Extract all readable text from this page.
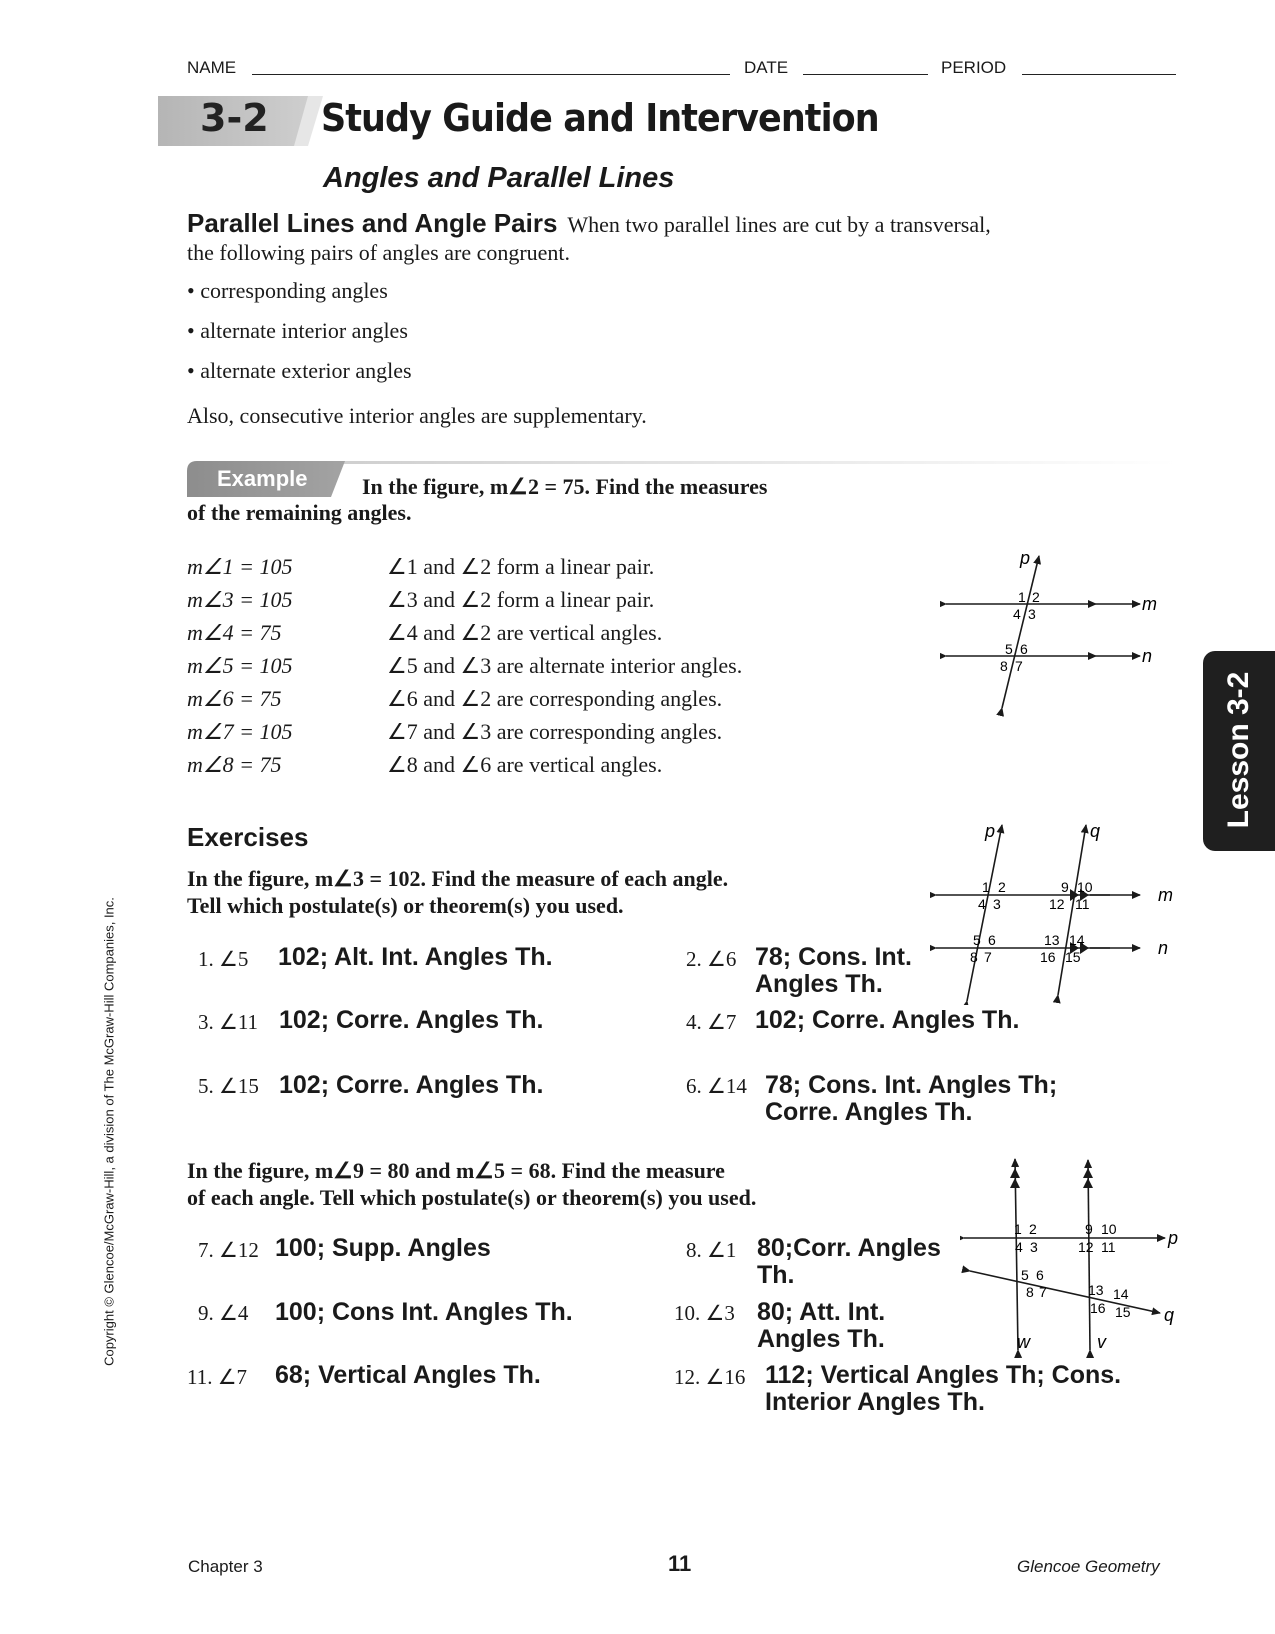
NAME	DATE	PERIOD
3-2 Study Guide and Intervention
Angles and Parallel Lines
Parallel Lines and Angle Pairs When two parallel lines are cut by a transversal,
the following pairs of angles are congruent.
• corresponding angles
• alternate interior angles
• alternate exterior angles
Also, consecutive interior angles are supplementary.
Example In the figure, m∠2 = 75. Find the measures
of the remaining angles.
m∠1 = 105	∠1 and ∠2 form a linear pair.
m∠3 = 105	∠3 and ∠2 form a linear pair.
m∠4 = 75	∠4 and ∠2 are vertical angles.
m∠5 = 105	∠5 and ∠3 are alternate interior angles.
m∠6 = 75	∠6 and ∠2 are corresponding angles.
m∠7 = 105	∠7 and ∠3 are corresponding angles.
m∠8 = 75	∠8 and ∠6 are vertical angles.
p
m
n
1 2
4 3
5 6
8 7
Exercises
In the figure, m∠3 = 102. Find the measure of each angle.
Tell which postulate(s) or theorem(s) you used.
p	q
m
n
1 2
4 3
9 10
12 11
5 6
8 7
13 14
16 15
1. ∠5 102; Alt. Int. Angles Th.	2. ∠6 78; Cons. Int.
Angles Th.
3. ∠11 102; Corre. Angles Th.	4. ∠7 102; Corre. Angles Th.
5. ∠15 102; Corre. Angles Th.	6. ∠14 78; Cons. Int. Angles Th;
Corre. Angles Th.
In the figure, m∠9 = 80 and m∠5 = 68. Find the measure
of each angle. Tell which postulate(s) or theorem(s) you used.
p
q
w	v
1 2
4 3
9 10
12 11
5 6
8 7	13 14
16 15
7. ∠12 100; Supp. Angles	8. ∠1 80;Corr. Angles
Th.
9. ∠4 100; Cons Int. Angles Th.	10. ∠3 80; Att. Int.
Angles Th.
11. ∠7 68; Vertical Angles Th.	12. ∠16 112; Vertical Angles Th; Cons.
Interior Angles Th.
Lesson 3-2
Copyright © Glencoe/McGraw-Hill, a division of The McGraw-Hill Companies, Inc.
Chapter 3	11	Glencoe Geometry
